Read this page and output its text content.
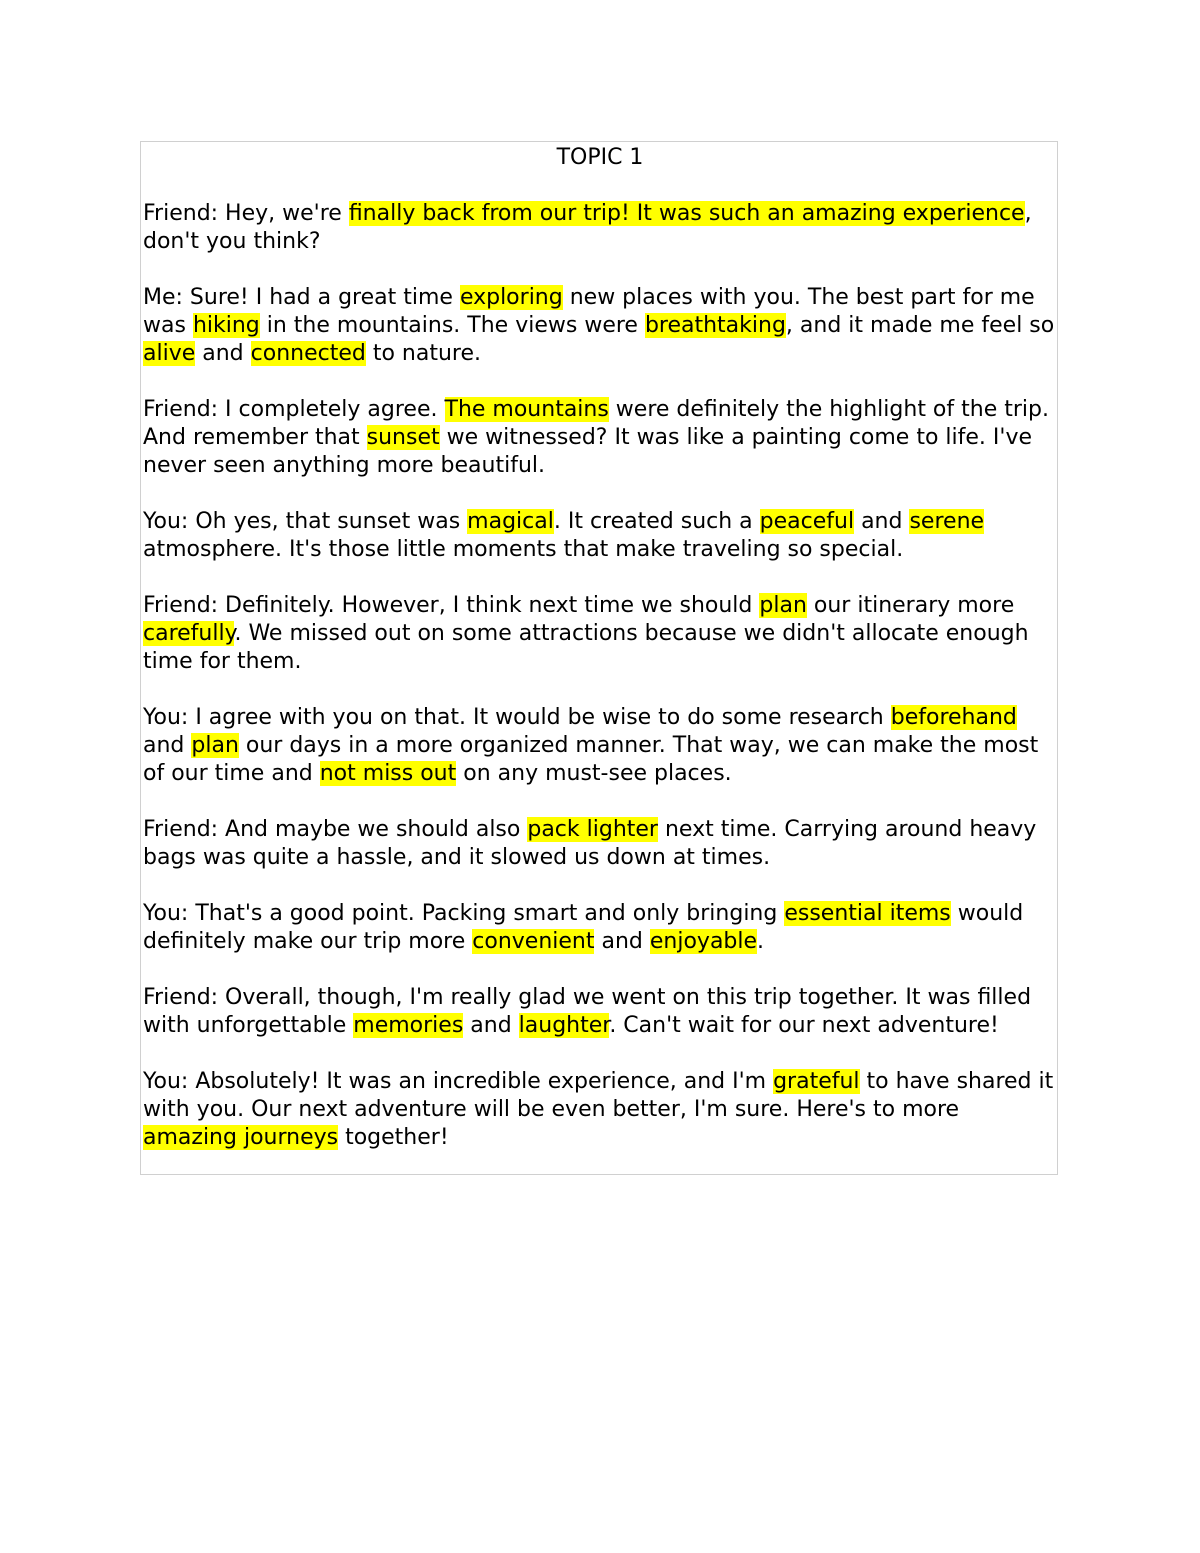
TOPIC 1
Friend: Hey, we're finally back from our trip! It was such an amazing experience, don't you think?
Me: Sure! I had a great time exploring new places with you. The best part for me was hiking in the mountains. The views were breathtaking, and it made me feel so alive and connected to nature.
Friend: I completely agree. The mountains were definitely the highlight of the trip. And remember that sunset we witnessed? It was like a painting come to life. I've never seen anything more beautiful.
You: Oh yes, that sunset was magical. It created such a peaceful and serene atmosphere. It's those little moments that make traveling so special.
Friend: Definitely. However, I think next time we should plan our itinerary more carefully. We missed out on some attractions because we didn't allocate enough time for them.
You: I agree with you on that. It would be wise to do some research beforehand and plan our days in a more organized manner. That way, we can make the most of our time and not miss out on any must-see places.
Friend: And maybe we should also pack lighter next time. Carrying around heavy bags was quite a hassle, and it slowed us down at times.
You: That's a good point. Packing smart and only bringing essential items would definitely make our trip more convenient and enjoyable.
Friend: Overall, though, I'm really glad we went on this trip together. It was filled with unforgettable memories and laughter. Can't wait for our next adventure!
You: Absolutely! It was an incredible experience, and I'm grateful to have shared it with you. Our next adventure will be even better, I'm sure. Here's to more amazing journeys together!
